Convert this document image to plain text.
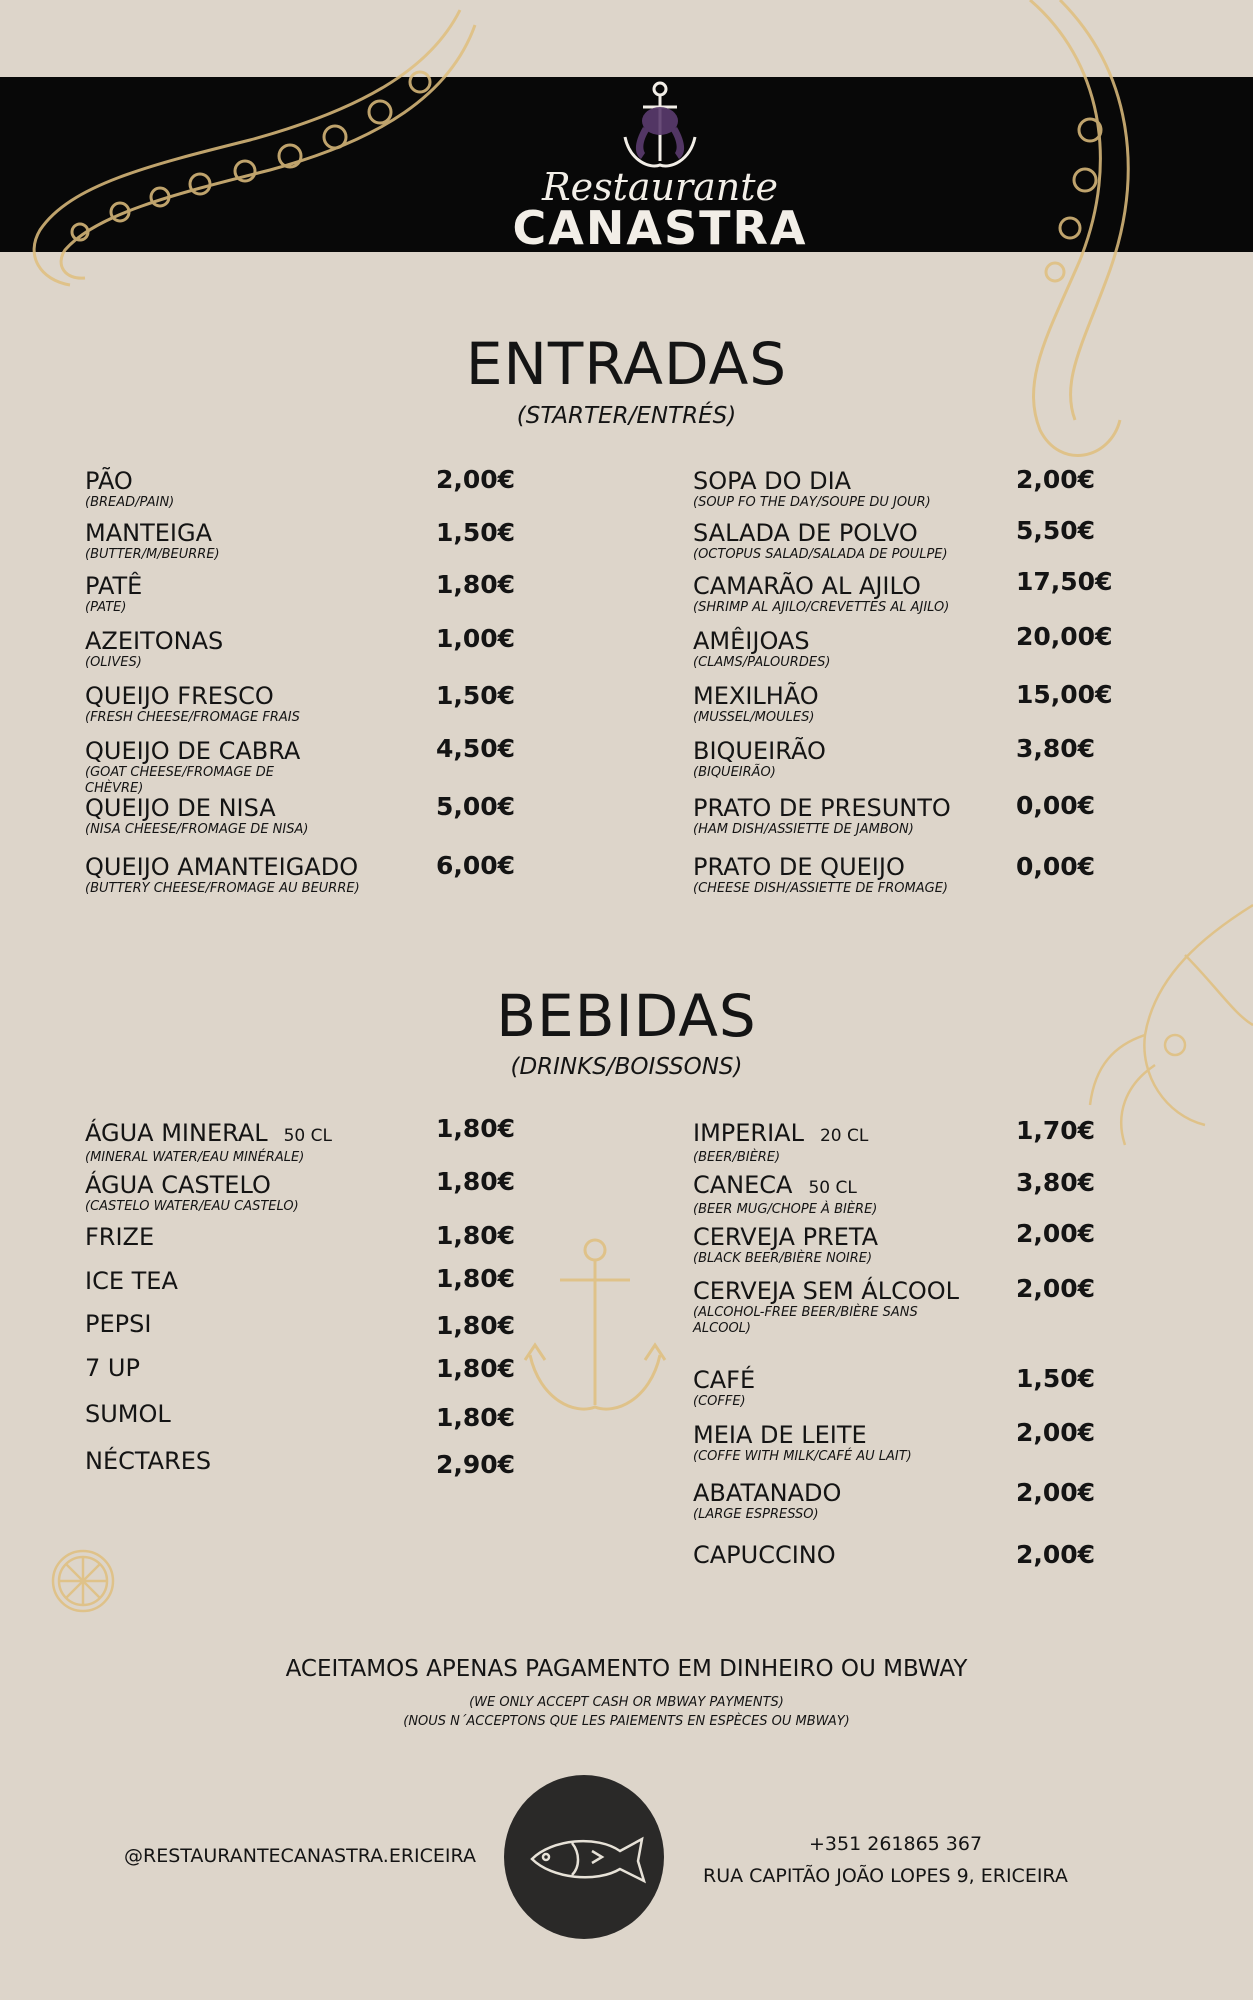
Restaurante
CANASTRA
ENTRADAS
(STARTER/ENTRÉS)
PÃO
(BREAD/PAIN)
2,00€
MANTEIGA
(BUTTER/M/BEURRE)
1,50€
PATÊ
(PATE)
1,80€
AZEITONAS
(OLIVES)
1,00€
QUEIJO FRESCO
(FRESH CHEESE/FROMAGE FRAIS
1,50€
QUEIJO DE CABRA
(GOAT CHEESE/FROMAGE DE CHÈVRE)
4,50€
QUEIJO DE NISA
(NISA CHEESE/FROMAGE DE NISA)
5,00€
QUEIJO AMANTEIGADO
(BUTTERY CHEESE/FROMAGE AU BEURRE)
6,00€
SOPA DO DIA
(SOUP FO THE DAY/SOUPE DU JOUR)
2,00€
SALADA DE POLVO
(OCTOPUS SALAD/SALADA DE POULPE)
5,50€
CAMARÃO AL AJILO
(SHRIMP AL AJILO/CREVETTES AL AJILO)
17,50€
AMÊIJOAS
(CLAMS/PALOURDES)
20,00€
MEXILHÃO
(MUSSEL/MOULES)
15,00€
BIQUEIRÃO
(BIQUEIRÃO)
3,80€
PRATO DE PRESUNTO
(HAM DISH/ASSIETTE DE JAMBON)
0,00€
PRATO DE QUEIJO
(CHEESE DISH/ASSIETTE DE FROMAGE)
0,00€
BEBIDAS
(DRINKS/BOISSONS)
ÁGUA MINERAL 50 CL
(MINERAL WATER/EAU MINÉRALE)
1,80€
ÁGUA CASTELO
(CASTELO WATER/EAU CASTELO)
1,80€
FRIZE	1,80€
ICE TEA	1,80€
PEPSI	1,80€
7 UP	1,80€
SUMOL	1,80€
NÉCTARES	2,90€
IMPERIAL 20 CL
(BEER/BIÈRE)
1,70€
CANECA 50 CL
(BEER MUG/CHOPE À BIÈRE)
3,80€
CERVEJA PRETA
(BLACK BEER/BIÈRE NOIRE)
2,00€
CERVEJA SEM ÁLCOOL
(ALCOHOL-FREE BEER/BIÈRE SANS ALCOOL)
2,00€
CAFÉ
(COFFE)
1,50€
MEIA DE LEITE
(COFFE WITH MILK/CAFÉ AU LAIT)
2,00€
ABATANADO
(LARGE ESPRESSO)
2,00€
CAPUCCINO	2,00€
ACEITAMOS APENAS PAGAMENTO EM DINHEIRO OU MBWAY
(WE ONLY ACCEPT CASH OR MBWAY PAYMENTS)
(NOUS N´ACCEPTONS QUE LES PAIEMENTS EN ESPÈCES OU MBWAY)
@RESTAURANTECANASTRA.ERICEIRA
+351 261865 367
RUA CAPITÃO JOÃO LOPES 9, ERICEIRA
